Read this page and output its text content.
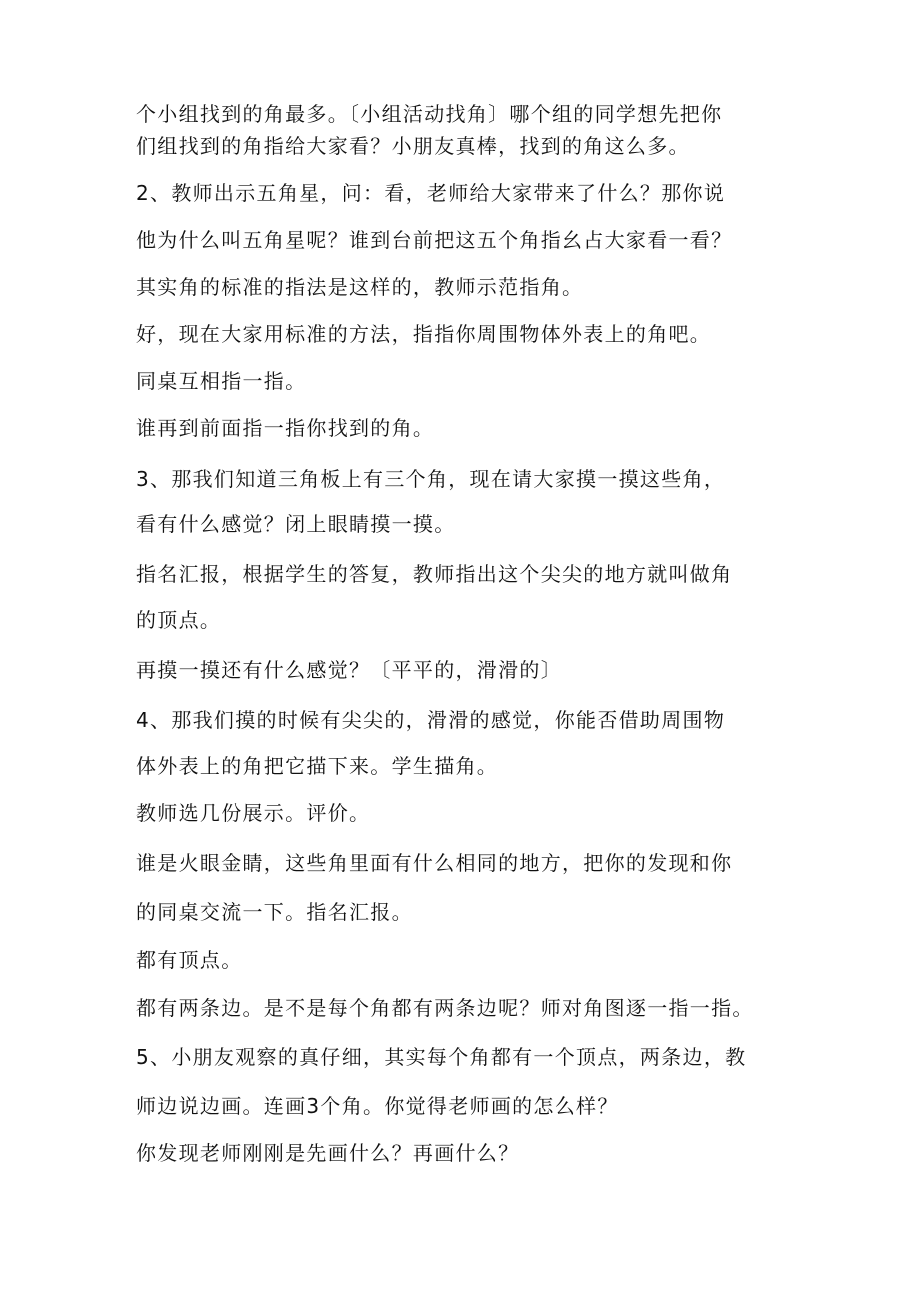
个小组找到的角最多。〔小组活动找角〕哪个组的同学想先把你
们组找到的角指给大家看？小朋友真棒，找到的角这么多。
2、教师出示五角星，问：看，老师给大家带来了什么？那你说
他为什么叫五角星呢？谁到台前把这五个角指幺占大家看一看？
其实角的标准的指法是这样的，教师示范指角。
好，现在大家用标准的方法，指指你周围物体外表上的角吧。
同桌互相指一指。
谁再到前面指一指你找到的角。
3、那我们知道三角板上有三个角，现在请大家摸一摸这些角，
看有什么感觉？闭上眼睛摸一摸。
指名汇报，根据学生的答复，教师指出这个尖尖的地方就叫做角
的顶点。
再摸一摸还有什么感觉？〔平平的，滑滑的〕
4、那我们摸的时候有尖尖的，滑滑的感觉，你能否借助周围物
体外表上的角把它描下来。学生描角。
教师选几份展示。评价。
谁是火眼金睛，这些角里面有什么相同的地方，把你的发现和你
的同桌交流一下。指名汇报。
都有顶点。
都有两条边。是不是每个角都有两条边呢？师对角图逐一指一指。
5、小朋友观察的真仔细，其实每个角都有一个顶点，两条边，教
师边说边画。连画3个角。你觉得老师画的怎么样？
你发现老师刚刚是先画什么？再画什么？
